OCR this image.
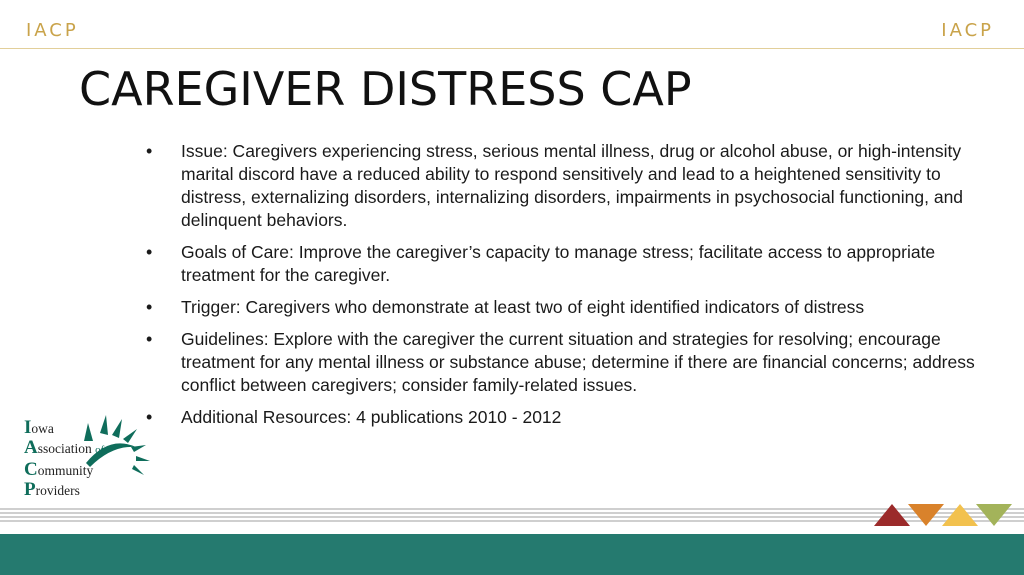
IACP	IACP
CAREGIVER DISTRESS CAP
• Issue: Caregivers experiencing stress, serious mental illness, drug or alcohol abuse, or high-intensity marital discord have a reduced ability to respond sensitively and lead to a heightened sensitivity to distress, externalizing disorders, internalizing disorders, impairments in psychosocial functioning, and delinquent behaviors.
• Goals of Care: Improve the caregiver’s capacity to manage stress; facilitate access to appropriate treatment for the caregiver.
• Trigger: Caregivers who demonstrate at least two of eight identified indicators of distress
• Guidelines: Explore with the caregiver the current situation and strategies for resolving; encourage treatment for any mental illness or substance abuse; determine if there are financial concerns; address conflict between caregivers; consider family-related issues.
• Additional Resources: 4 publications 2010 - 2012
Iowa
Association of
Community
Providers
